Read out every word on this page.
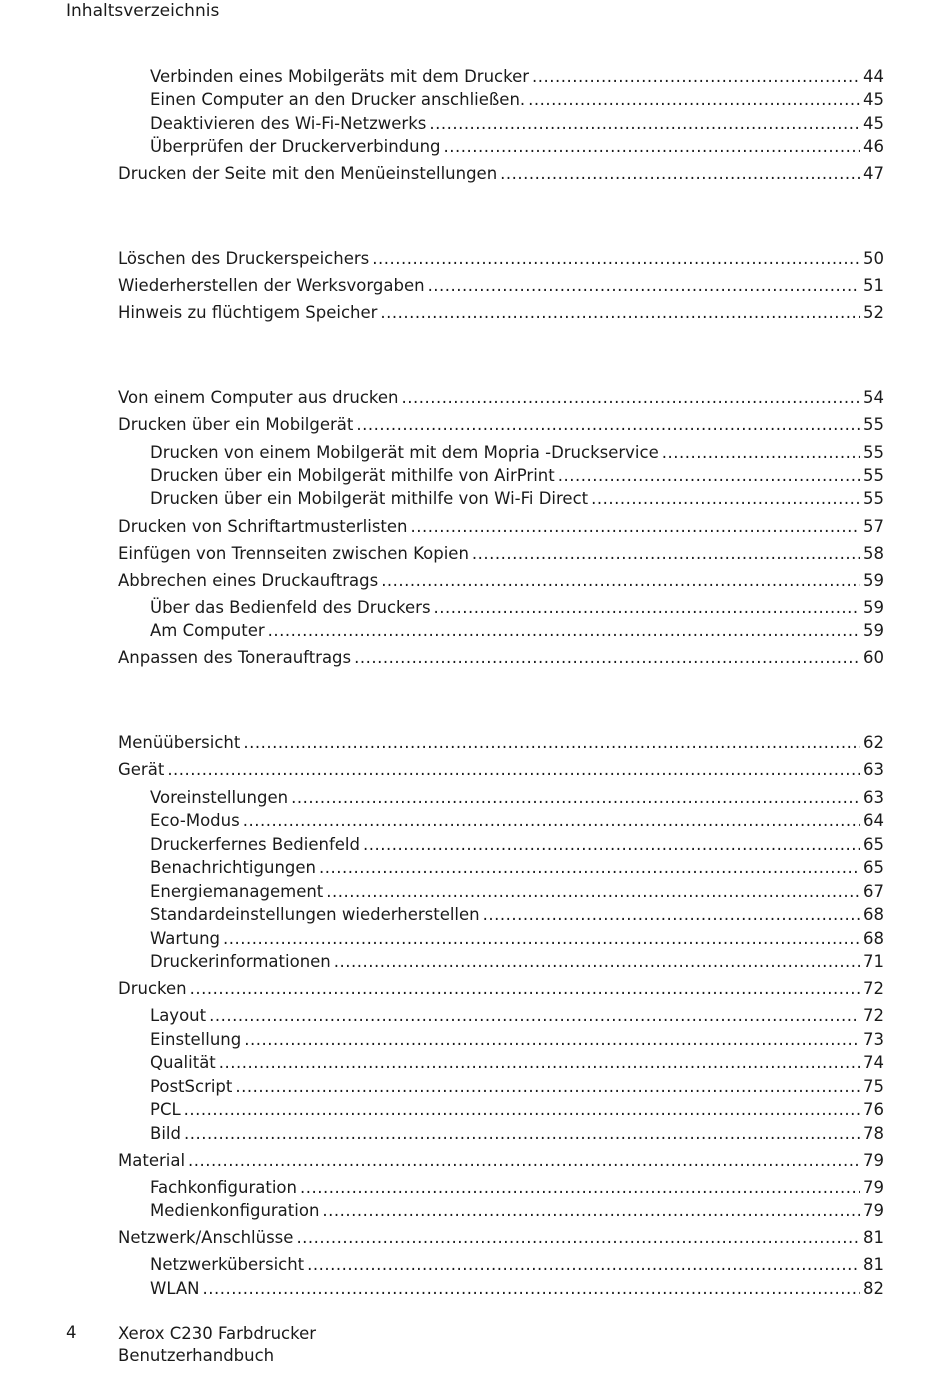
Inhaltsverzeichnis
Verbinden eines Mobilgeräts mit dem Drucker .....	44
Einen Computer an den Drucker anschließen. .....	45
Deaktivieren des Wi-Fi-Netzwerks .....	45
Überprüfen der Druckerverbindung .....	46
Drucken der Seite mit den Menüeinstellungen .....	47
Löschen des Druckerspeichers .....	50
Wiederherstellen der Werksvorgaben .....	51
Hinweis zu flüchtigem Speicher .....	52
Von einem Computer aus drucken .....	54
Drucken über ein Mobilgerät .....	55
Drucken von einem Mobilgerät mit dem Mopria -Druckservice .....	55
Drucken über ein Mobilgerät mithilfe von AirPrint .....	55
Drucken über ein Mobilgerät mithilfe von Wi-Fi Direct .....	55
Drucken von Schriftartmusterlisten .....	57
Einfügen von Trennseiten zwischen Kopien .....	58
Abbrechen eines Druckauftrags .....	59
Über das Bedienfeld des Druckers .....	59
Am Computer .....	59
Anpassen des Tonerauftrags .....	60
Menüübersicht .....	62
Gerät .....	63
Voreinstellungen .....	63
Eco-Modus .....	64
Druckerfernes Bedienfeld .....	65
Benachrichtigungen .....	65
Energiemanagement .....	67
Standardeinstellungen wiederherstellen .....	68
Wartung .....	68
Druckerinformationen .....	71
Drucken .....	72
Layout .....	72
Einstellung .....	73
Qualität .....	74
PostScript .....	75
PCL .....	76
Bild .....	78
Material .....	79
Fachkonfiguration .....	79
Medienkonfiguration .....	79
Netzwerk/Anschlüsse .....	81
Netzwerkübersicht .....	81
WLAN .....	82
4	Xerox C230 Farbdrucker
Benutzerhandbuch
